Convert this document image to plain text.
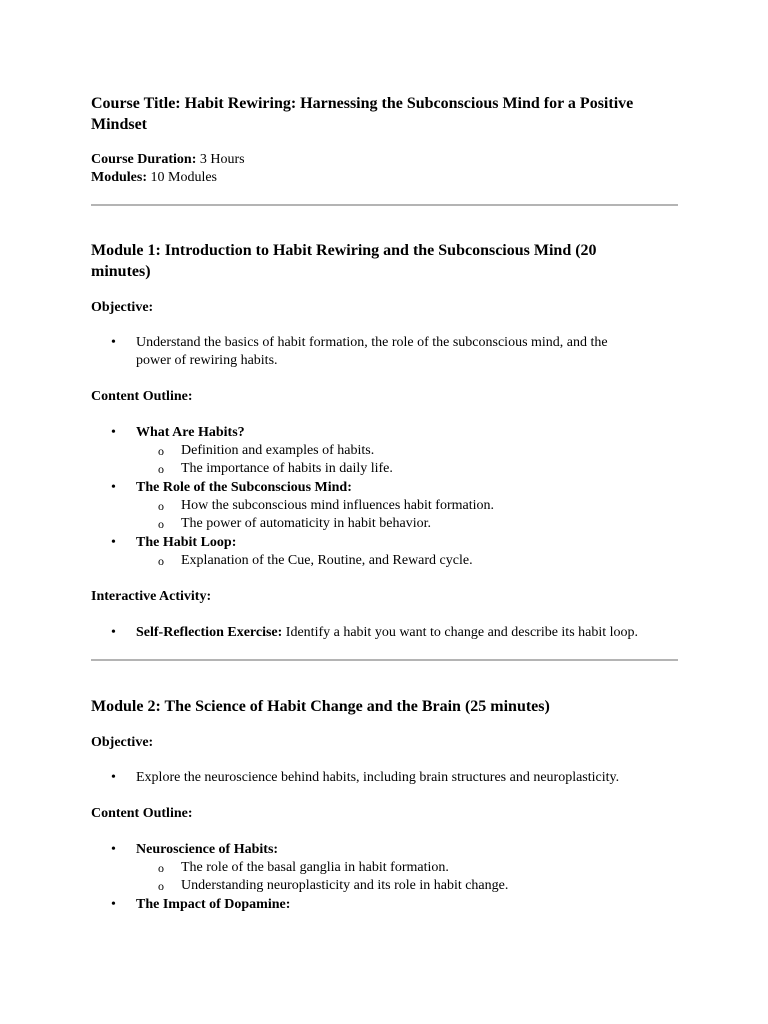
Course Title: Habit Rewiring: Harnessing the Subconscious Mind for a Positive
Mindset
Course Duration: 3 Hours
Modules: 10 Modules
Module 1: Introduction to Habit Rewiring and the Subconscious Mind (20
minutes)
Objective:
• Understand the basics of habit formation, the role of the subconscious mind, and the
power of rewiring habits.
Content Outline:
• What Are Habits?
o Definition and examples of habits.
o The importance of habits in daily life.
• The Role of the Subconscious Mind:
o How the subconscious mind influences habit formation.
o The power of automaticity in habit behavior.
• The Habit Loop:
o Explanation of the Cue, Routine, and Reward cycle.
Interactive Activity:
• Self-Reflection Exercise: Identify a habit you want to change and describe its habit loop.
Module 2: The Science of Habit Change and the Brain (25 minutes)
Objective:
• Explore the neuroscience behind habits, including brain structures and neuroplasticity.
Content Outline:
• Neuroscience of Habits:
o The role of the basal ganglia in habit formation.
o Understanding neuroplasticity and its role in habit change.
• The Impact of Dopamine:
